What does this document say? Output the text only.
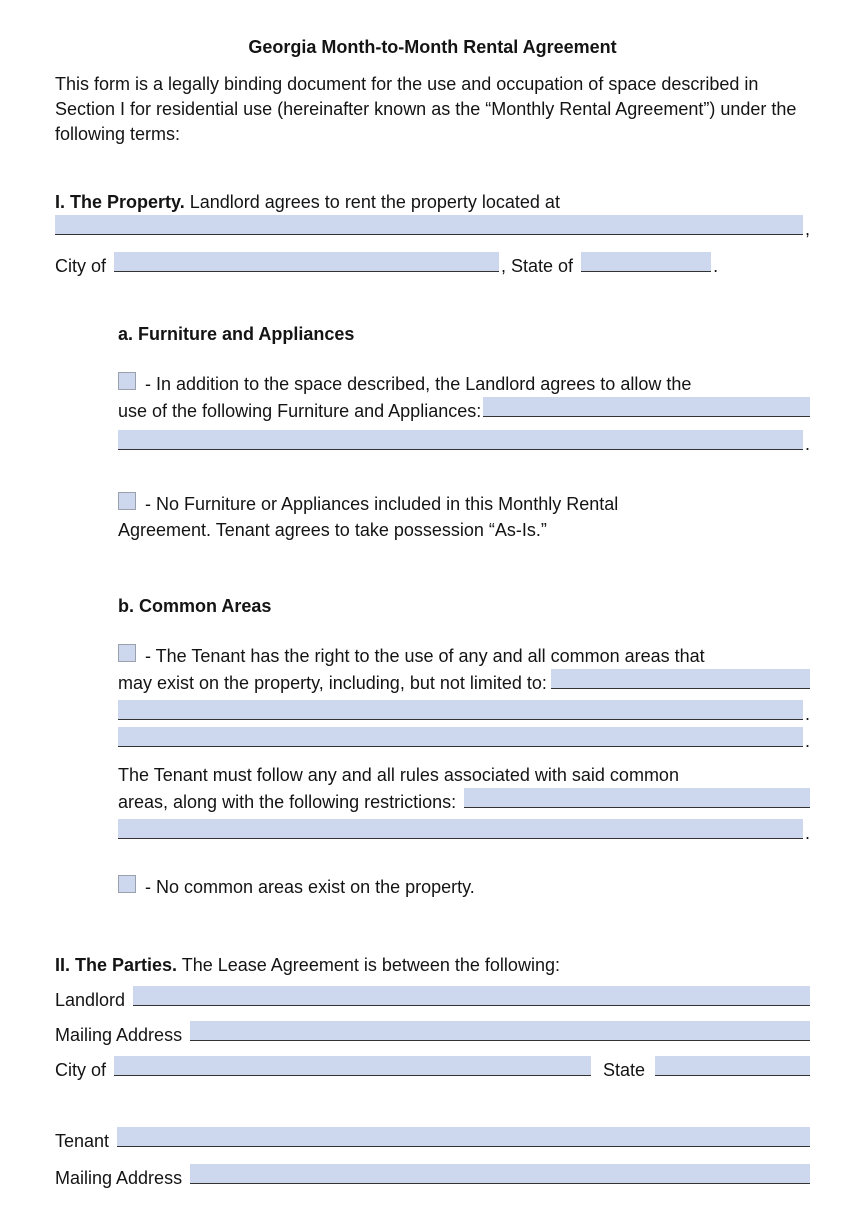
Georgia Month-to-Month Rental Agreement

This form is a legally binding document for the use and occupation of space described in Section I for residential use (hereinafter known as the “Monthly Rental Agreement”) under the following terms:

I. The Property. Landlord agrees to rent the property located at
,
City of	, State of	.
a. Furniture and Appliances
- In addition to the space described, the Landlord agrees to allow the
use of the following Furniture and Appliances:
.
- No Furniture or Appliances included in this Monthly Rental
Agreement. Tenant agrees to take possession “As-Is.”
b. Common Areas
- The Tenant has the right to the use of any and all common areas that
may exist on the property, including, but not limited to:
.
.
The Tenant must follow any and all rules associated with said common
areas, along with the following restrictions:
.
- No common areas exist on the property.
II. The Parties. The Lease Agreement is between the following:
Landlord
Mailing Address
City of	State
Tenant
Mailing Address
